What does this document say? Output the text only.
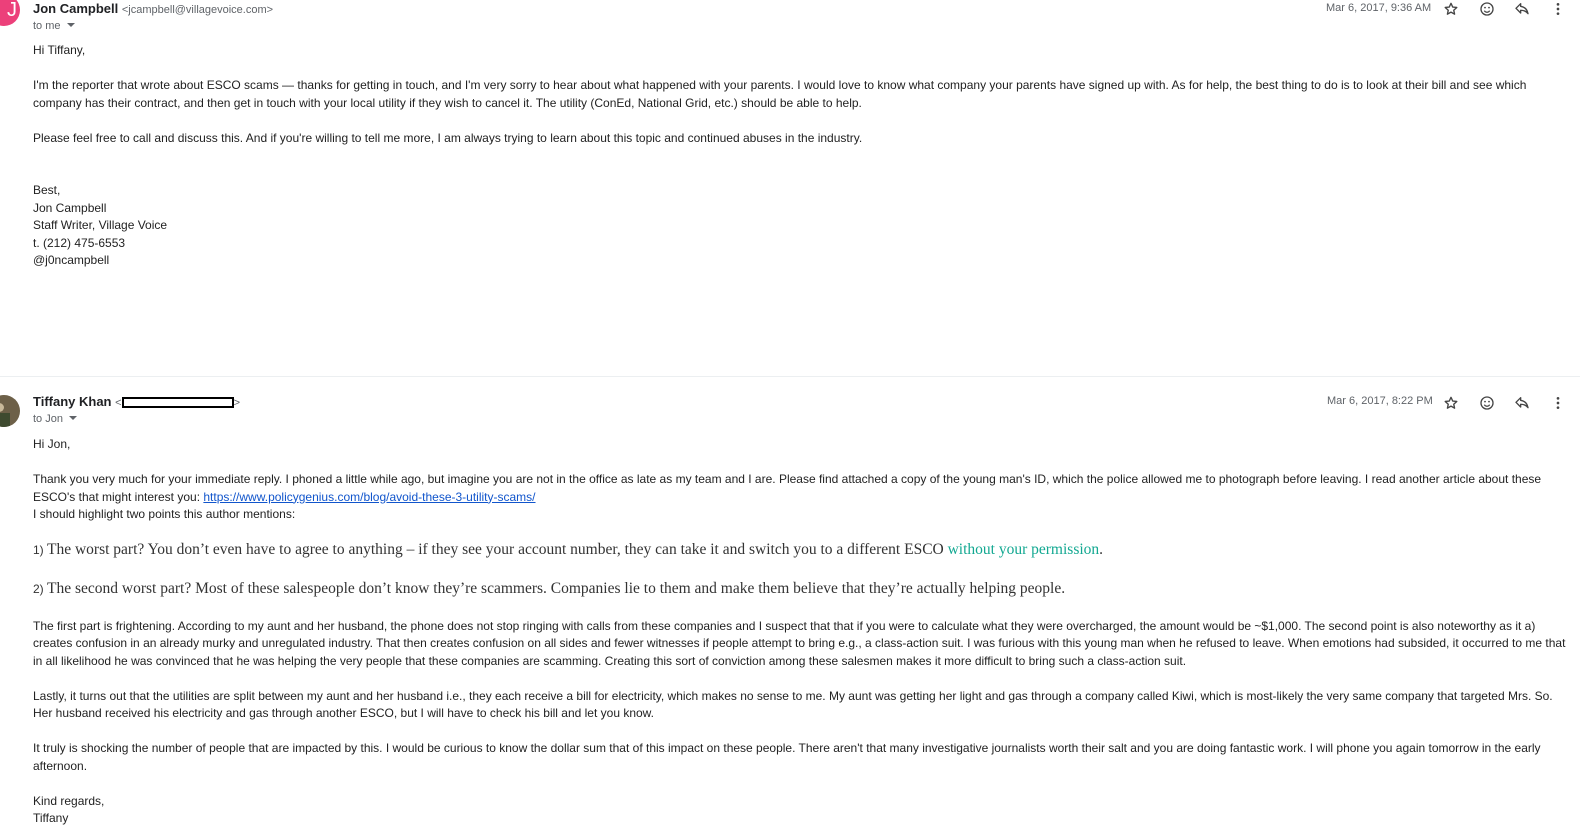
J Jon Campbell <jcampbell@villagevoice.com>
to me
Mar 6, 2017, 9:36 AM

Hi Tiffany,

I'm the reporter that wrote about ESCO scams — thanks for getting in touch, and I'm very sorry to hear about what happened with your parents. I would love to know what company your parents have signed up with. As for help, the best thing to do is to look at their bill and see which company has their contract, and then get in touch with your local utility if they wish to cancel it. The utility (ConEd, National Grid, etc.) should be able to help.

Please feel free to call and discuss this. And if you're willing to tell me more, I am always trying to learn about this topic and continued abuses in the industry.

Best,

Jon Campbell

Staff Writer, Village Voice

t. (212) 475-6553

@j0ncampbell

Tiffany Khan <	>
to Jon
Mar 6, 2017, 8:22 PM

Hi Jon,

Thank you very much for your immediate reply. I phoned a little while ago, but imagine you are not in the office as late as my team and I are. Please find attached a copy of the young man's ID, which the police allowed me to photograph before leaving. I read another article about these ESCO's that might interest you: https://www.policygenius.com/blog/avoid-these-3-utility-scams/

I should highlight two points this author mentions:

1) The worst part? You don’t even have to agree to anything – if they see your account number, they can take it and switch you to a different ESCO without your permission.

2) The second worst part? Most of these salespeople don’t know they’re scammers. Companies lie to them and make them believe that they’re actually helping people.

The first part is frightening. According to my aunt and her husband, the phone does not stop ringing with calls from these companies and I suspect that that if you were to calculate what they were overcharged, the amount would be ~$1,000. The second point is also noteworthy as it a) creates confusion in an already murky and unregulated industry. That then creates confusion on all sides and fewer witnesses if people attempt to bring e.g., a class-action suit. I was furious with this young man when he refused to leave. When emotions had subsided, it occurred to me that in all likelihood he was convinced that he was helping the very people that these companies are scamming. Creating this sort of conviction among these salesmen makes it more difficult to bring such a class-action suit.

Lastly, it turns out that the utilities are split between my aunt and her husband i.e., they each receive a bill for electricity, which makes no sense to me. My aunt was getting her light and gas through a company called Kiwi, which is most-likely the very same company that targeted Mrs. So. Her husband received his electricity and gas through another ESCO, but I will have to check his bill and let you know.

It truly is shocking the number of people that are impacted by this. I would be curious to know the dollar sum that of this impact on these people. There aren't that many investigative journalists worth their salt and you are doing fantastic work. I will phone you again tomorrow in the early afternoon.

Kind regards,

Tiffany
